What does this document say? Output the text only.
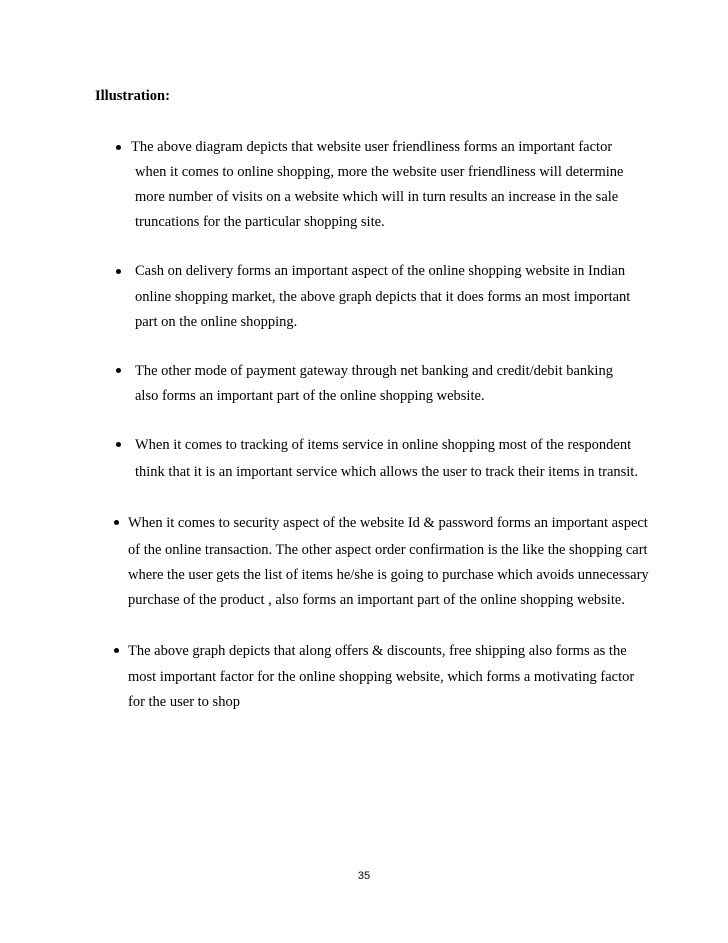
Illustration:

The above diagram depicts that website user friendliness forms an important factor

when it comes to online shopping, more the website user friendliness will determine

more number of visits on a website which will in turn results an increase in the sale

truncations for the particular shopping site.

Cash on delivery forms an important aspect of the online shopping website in Indian

online shopping market, the above graph depicts that it does forms an most important

part on the online shopping.

The other mode of payment gateway through net banking and credit/debit banking

also forms an important part of the online shopping website.

When it comes to tracking of items service in online shopping most of the respondent

think that it is an important service which allows the user to track their items in transit.

When it comes to security aspect of the website Id & password forms an important aspect

of the online transaction. The other aspect order confirmation is the like the shopping cart

where the user gets the list of items he/she is going to purchase which avoids unnecessary

purchase of the product , also forms an important part of the online shopping website.

The above graph depicts that along offers & discounts, free shipping also forms as the

most important factor for the online shopping website, which forms a motivating factor

for the user to shop

35
